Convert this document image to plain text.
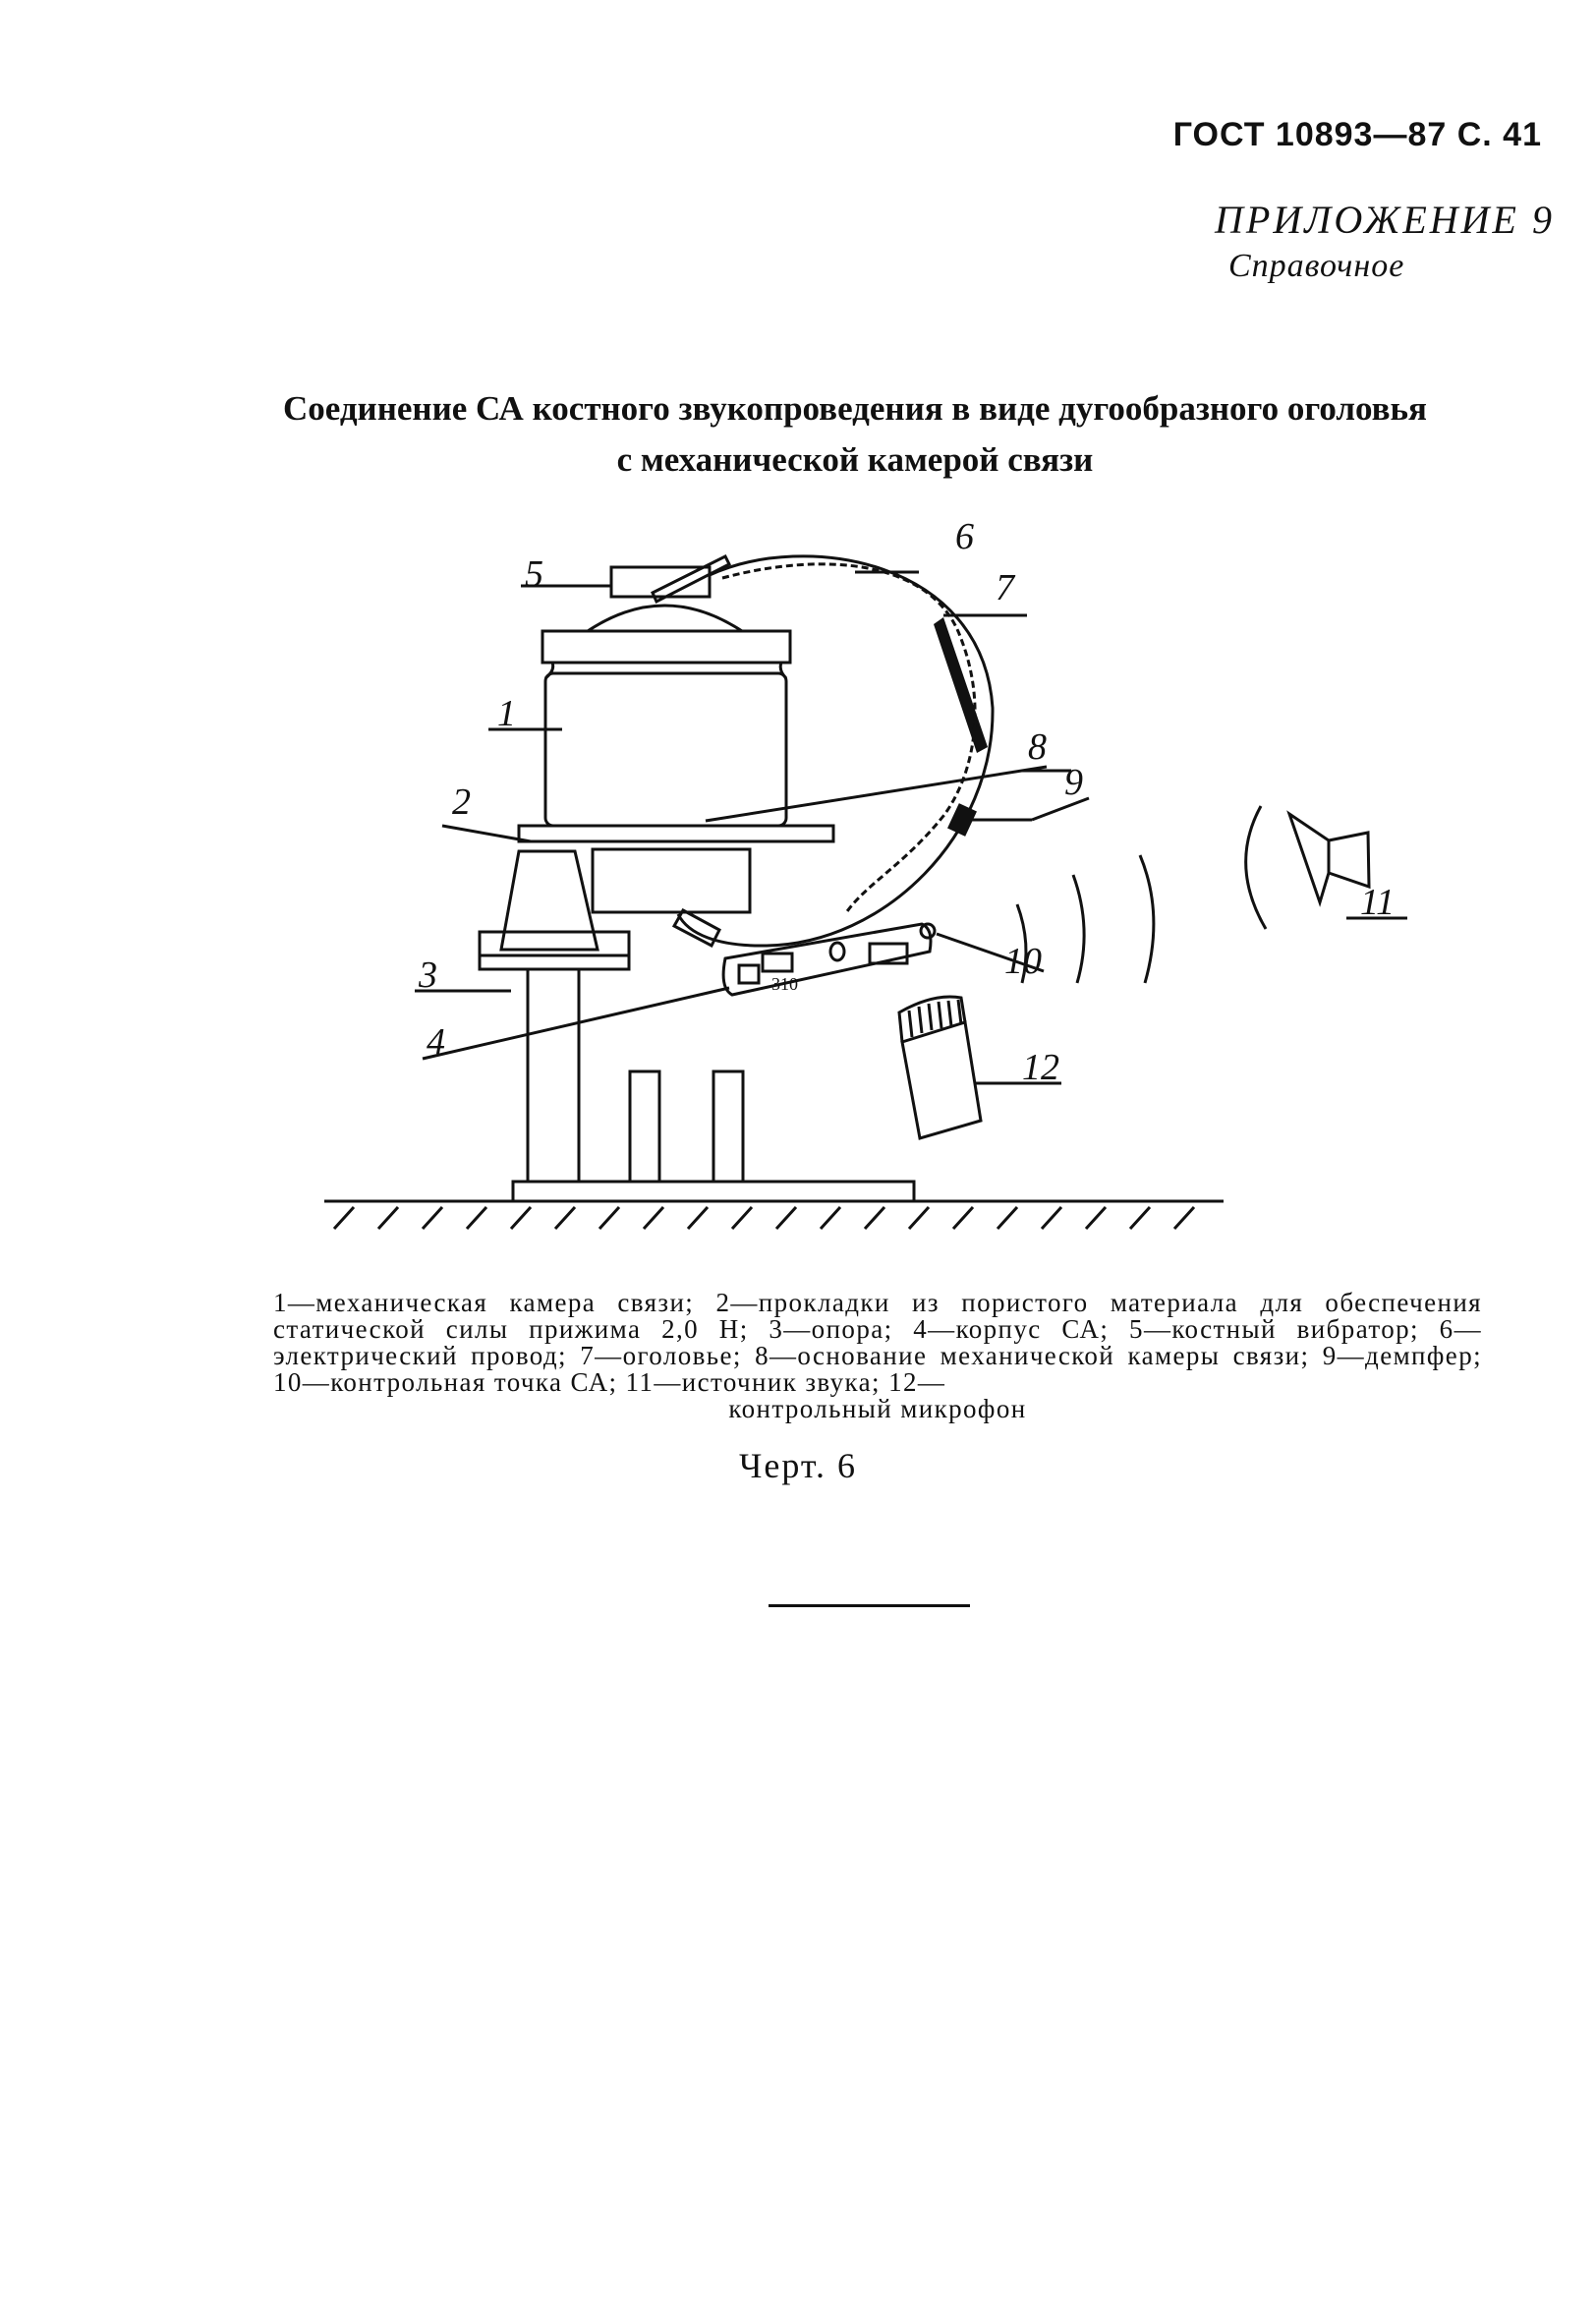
ГОСТ 10893—87 С. 41
ПРИЛОЖЕНИЕ 9
Справочное
Соединение СА костного звукопроведения в виде дугообразного оголовья
с механической камерой связи
310
5
6
7
1
8
9
2
3
4
10
11
12
1—механическая камера связи; 2—прокладки из пористого материала для обеспечения статической силы прижима 2,0 Н; 3—опора; 4—корпус СА; 5—костный вибратор; 6—электрический провод; 7—оголовье; 8—основание механической камеры связи; 9—демпфер; 10—контрольная точка СА; 11—источник звука; 12—
контрольный микрофон
Черт. 6
